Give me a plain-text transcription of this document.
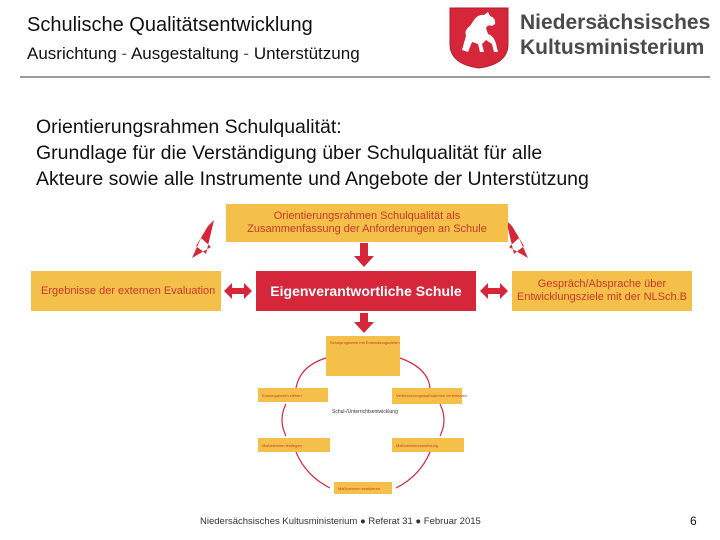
Schulische Qualitätsentwicklung
Ausrichtung - Ausgestaltung - Unterstützung
Niedersächsisches
Kultusministerium
Orientierungsrahmen Schulqualität:
Grundlage für die Verständigung über Schulqualität für alle
Akteure sowie alle Instrumente und Angebote der Unterstützung
Schulprogramm mit Entwicklungszielen
Konsequenzen ziehen	Verbesserungsmaßnahmen vereinbaren
Maßnahmen festlegen	Maßnahmenumsetzung
Maßnahmen evaluieren
Orientierungsrahmen Schulqualität als Zusammenfassung der Anforderungen an Schule
Ergebnisse der externen Evaluation	Eigenverantwortliche Schule	Gespräch/Absprache über Entwicklungsziele mit der NLSch.B
Schul-/Unterrichtsentwicklung
Niedersächsisches Kultusministerium ● Referat 31 ● Februar 2015	6
